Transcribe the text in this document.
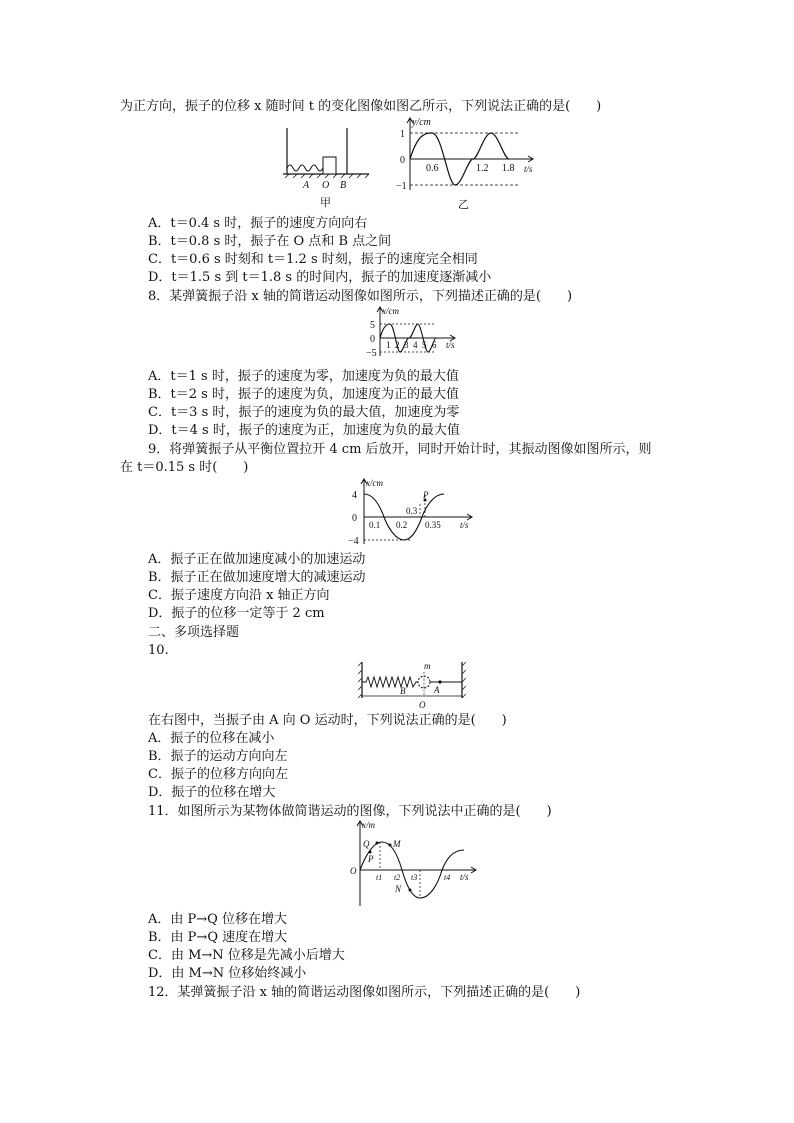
为正方向，振子的位移 x 随时间 t 的变化图像如图乙所示，下列说法正确的是(　　)
A O B
甲
y/cm
1
0
−1
0.6	1.2 1.8 t/s
乙
A．t＝0.4 s 时，振子的速度方向向右
B．t＝0.8 s 时，振子在 O 点和 B 点之间
C．t＝0.6 s 时刻和 t＝1.2 s 时刻，振子的速度完全相同
D．t＝1.5 s 到 t＝1.8 s 的时间内，振子的加速度逐渐减小
8．某弹簧振子沿 x 轴的简谐运动图像如图所示，下列描述正确的是(　　)
x/cm
5
0
−5
1 2 3 4 5 6 t/s
A．t＝1 s 时，振子的速度为零，加速度为负的最大值
B．t＝2 s 时，振子的速度为负，加速度为正的最大值
C．t＝3 s 时，振子的速度为负的最大值，加速度为零
D．t＝4 s 时，振子的速度为正，加速度为负的最大值
9．将弹簧振子从平衡位置拉开 4 cm 后放开，同时开始计时，其振动图像如图所示，则
在 t＝0.15 s 时(　　)
x/cm
4
0
−4
0.1 0.2
0.3
0.35 t/s
P
A．振子正在做加速度减小的加速运动
B．振子正在做加速度增大的减速运动
C．振子速度方向沿 x 轴正方向
D．振子的位移一定等于 2 cm
二、多项选择题
10.
m
B	A
O
在右图中，当振子由 A 向 O 运动时，下列说法正确的是(　　)
A．振子的位移在减小
B．振子的运动方向向左
C．振子的位移方向向左
D．振子的位移在增大
11．如图所示为某物体做简谐运动的图像，下列说法中正确的是(　　)
x/m
Q	M
P
N
O
t1 t2 t3	t4 t/s
A．由 P→Q 位移在增大
B．由 P→Q 速度在增大
C．由 M→N 位移是先减小后增大
D．由 M→N 位移始终减小
12．某弹簧振子沿 x 轴的简谐运动图像如图所示，下列描述正确的是(　　)
